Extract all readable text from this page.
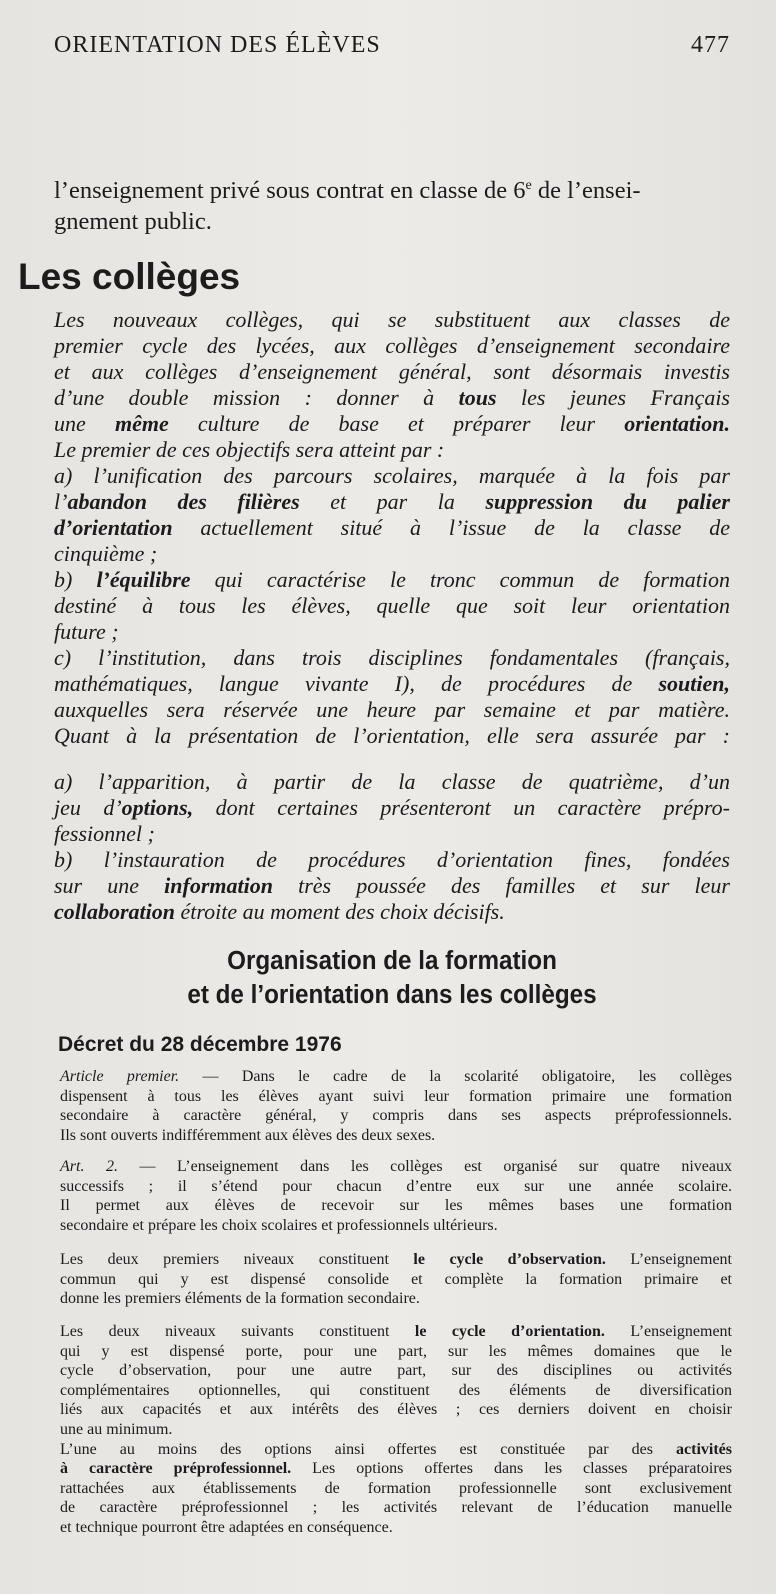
ORIENTATION DES ÉLÈVES	477
l’enseignement privé sous contrat en classe de 6e de l’ensei-
gnement public.
Les collèges
Les nouveaux collèges, qui se substituent aux classes de
premier cycle des lycées, aux collèges d’enseignement secondaire
et aux collèges d’enseignement général, sont désormais investis
d’une double mission : donner à tous les jeunes Français
une même culture de base et préparer leur orientation.
Le premier de ces objectifs sera atteint par :
a) l’unification des parcours scolaires, marquée à la fois par
l’abandon des filières et par la suppression du palier
d’orientation actuellement situé à l’issue de la classe de
cinquième ;
b) l’équilibre qui caractérise le tronc commun de formation
destiné à tous les élèves, quelle que soit leur orientation
future ;
c) l’institution, dans trois disciplines fondamentales (français,
mathématiques, langue vivante I), de procédures de soutien,
auxquelles sera réservée une heure par semaine et par matière.
Quant à la présentation de l’orientation, elle sera assurée par :
a) l’apparition, à partir de la classe de quatrième, d’un
jeu d’options, dont certaines présenteront un caractère prépro-
fessionnel ;
b) l’instauration de procédures d’orientation fines, fondées
sur une information très poussée des familles et sur leur
collaboration étroite au moment des choix décisifs.
Organisation de la formation
et de l’orientation dans les collèges
Décret du 28 décembre 1976
Article premier. — Dans le cadre de la scolarité obligatoire, les collèges
dispensent à tous les élèves ayant suivi leur formation primaire une formation
secondaire à caractère général, y compris dans ses aspects préprofessionnels.
Ils sont ouverts indifféremment aux élèves des deux sexes.
Art. 2. — L’enseignement dans les collèges est organisé sur quatre niveaux
successifs ; il s’étend pour chacun d’entre eux sur une année scolaire.
Il permet aux élèves de recevoir sur les mêmes bases une formation
secondaire et prépare les choix scolaires et professionnels ultérieurs.
Les deux premiers niveaux constituent le cycle d’observation. L’enseignement
commun qui y est dispensé consolide et complète la formation primaire et
donne les premiers éléments de la formation secondaire.
Les deux niveaux suivants constituent le cycle d’orientation. L’enseignement
qui y est dispensé porte, pour une part, sur les mêmes domaines que le
cycle d’observation, pour une autre part, sur des disciplines ou activités
complémentaires optionnelles, qui constituent des éléments de diversification
liés aux capacités et aux intérêts des élèves ; ces derniers doivent en choisir
une au minimum.
L’une au moins des options ainsi offertes est constituée par des activités
à caractère préprofessionnel. Les options offertes dans les classes préparatoires
rattachées aux établissements de formation professionnelle sont exclusivement
de caractère préprofessionnel ; les activités relevant de l’éducation manuelle
et technique pourront être adaptées en conséquence.
